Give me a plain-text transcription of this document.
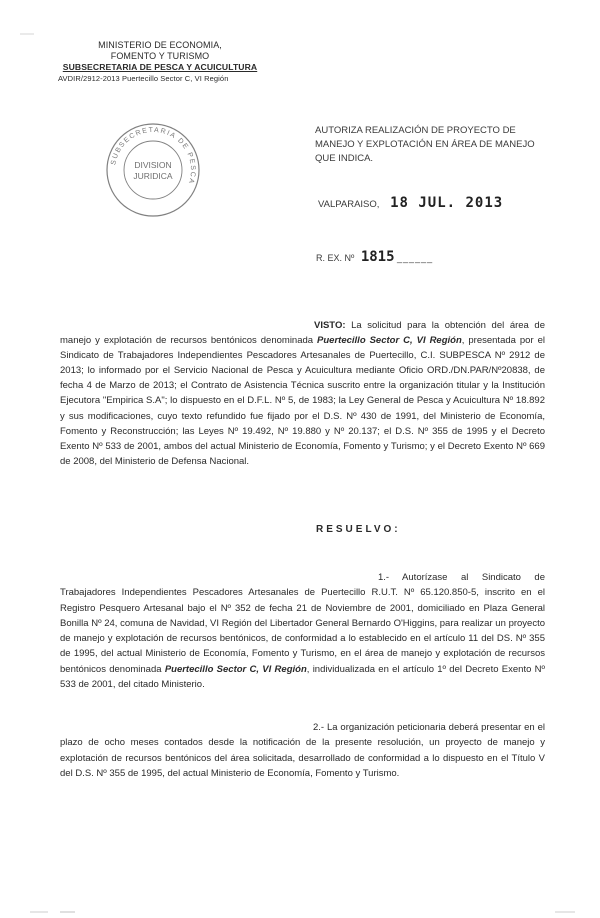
MINISTERIO DE ECONOMIA,
FOMENTO Y TURISMO
SUBSECRETARIA DE PESCA Y ACUICULTURA
AVDIR/2912-2013 Puertecillo Sector C, VI Región
SUBSECRETARIA DE PESCA
DIVISION
JURIDICA
AUTORIZA REALIZACIÓN DE PROYECTO DE MANEJO Y EXPLOTACIÓN EN ÁREA DE MANEJO QUE INDICA.
VALPARAISO, 18 JUL. 2013
R. EX. Nº 1815 ______
VISTO: La solicitud para la obtención del área de manejo y explotación de recursos bentónicos denominada Puertecillo Sector C, VI Región, presentada por el Sindicato de Trabajadores Independientes Pescadores Artesanales de Puertecillo, C.I. SUBPESCA Nº 2912 de 2013; lo informado por el Servicio Nacional de Pesca y Acuicultura mediante Oficio ORD./DN.PAR/Nº20838, de fecha 4 de Marzo de 2013; el Contrato de Asistencia Técnica suscrito entre la organización titular y la Institución Ejecutora "Empirica S.A"; lo dispuesto en el D.F.L. Nº 5, de 1983; la Ley General de Pesca y Acuicultura Nº 18.892 y sus modificaciones, cuyo texto refundido fue fijado por el D.S. Nº 430 de 1991, del Ministerio de Economía, Fomento y Reconstrucción; las Leyes Nº 19.492, Nº 19.880 y Nº 20.137; el D.S. Nº 355 de 1995 y el Decreto Exento Nº 533 de 2001, ambos del actual Ministerio de Economía, Fomento y Turismo; y el Decreto Exento Nº 669 de 2008, del Ministerio de Defensa Nacional.
RESUELVO:
1.- Autorízase al Sindicato de Trabajadores Independientes Pescadores Artesanales de Puertecillo R.U.T. Nº 65.120.850-5, inscrito en el Registro Pesquero Artesanal bajo el Nº 352 de fecha 21 de Noviembre de 2001, domiciliado en Plaza General Bonilla Nº 24, comuna de Navidad, VI Región del Libertador General Bernardo O'Higgins, para realizar un proyecto de manejo y explotación de recursos bentónicos, de conformidad a lo establecido en el artículo 11 del DS. Nº 355 de 1995, del actual Ministerio de Economía, Fomento y Turismo, en el área de manejo y explotación de recursos bentónicos denominada Puertecillo Sector C, VI Región, individualizada en el artículo 1º del Decreto Exento Nº 533 de 2001, del citado Ministerio.
2.- La organización peticionaria deberá presentar en el plazo de ocho meses contados desde la notificación de la presente resolución, un proyecto de manejo y explotación de recursos bentónicos del área solicitada, desarrollado de conformidad a lo dispuesto en el Título V del D.S. Nº 355 de 1995, del actual Ministerio de Economía, Fomento y Turismo.
